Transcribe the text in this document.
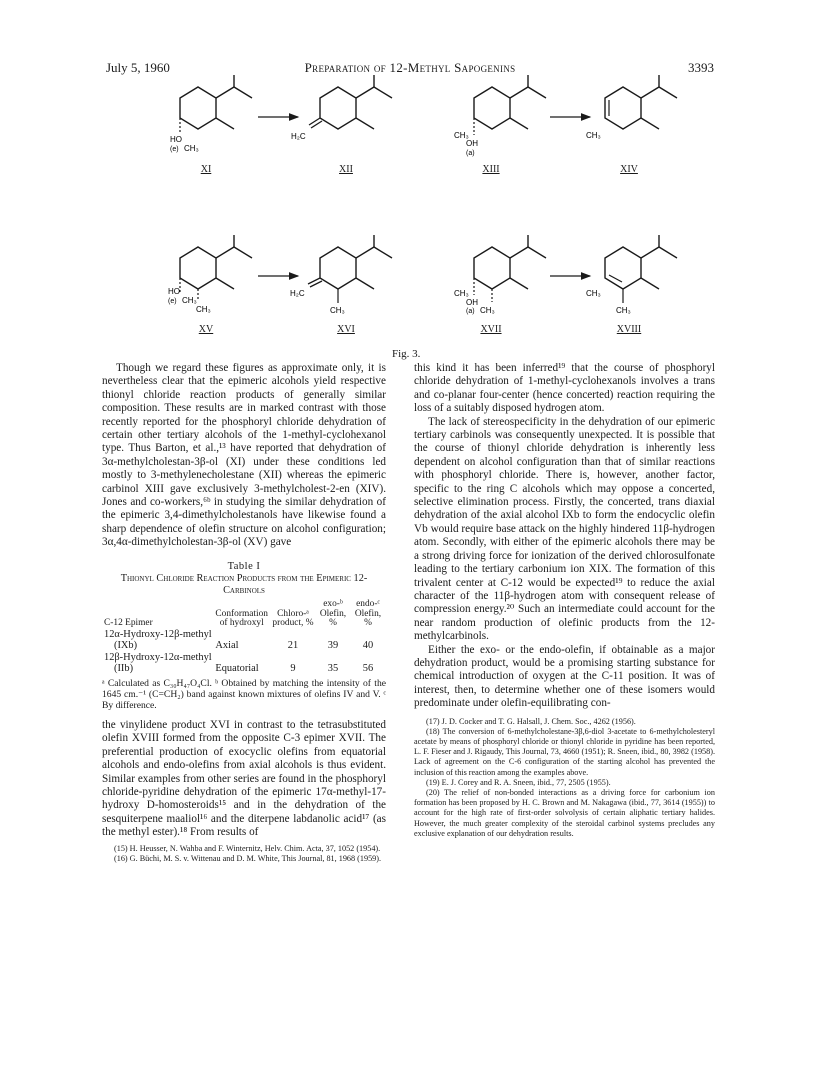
July 5, 1960	Preparation of 12-Methyl Sapogenins	3393
HO
(e) CH₃
H₂C	CH₃
OH
(a)
CH₃
HO
(e) CH₃
CH₃
H₂C
CH₃
CH₃
OH
(a) CH₃
CH₃
CH₃
XI	XII	XIII	XIV
XV	XVI	XVII	XVIII
Fig. 3.

Though we regard these figures as approximate only, it is nevertheless clear that the epimeric alcohols yield respective thionyl chloride reaction products of generally similar composition. These results are in marked contrast with those recently reported for the phosphoryl chloride dehydration of certain other tertiary alcohols of the 1-methyl-cyclohexanol type. Thus Barton, et al.,¹³ have reported that dehydration of 3α-methylcholestan-3β-ol (XI) under these conditions led mostly to 3-methylenecholestane (XII) whereas the epimeric carbinol XIII gave exclusively 3-methylcholest-2-en (XIV). Jones and co-workers,⁶ᵇ in studying the similar dehydration of the epimeric 3,4-dimethylcholestanols have likewise found a sharp dependence of olefin structure on alcohol configuration; 3α,4α-dimethylcholestan-3β-ol (XV) gave

Table I
Thionyl Chloride Reaction Products from the Epimeric 12-Carbinols
C-12 Epimer	Conformation of hydroxyl	Chloro-ᵃ product, %	exo-ᵇ Olefin, %	endo-ᶜ Olefin, %
12α-Hydroxy-12β-methyl				
(IXb)	Axial	21	39	40
12β-Hydroxy-12α-methyl				
(IIb)	Equatorial	9	35	56
ᵃ Calculated as C₃₀H₄₇O₄Cl. ᵇ Obtained by matching the intensity of the 1645 cm.⁻¹ (C=CH₂) band against known mixtures of olefins IV and V. ᶜ By difference.

the vinylidene product XVI in contrast to the tetrasubstituted olefin XVIII formed from the opposite C-3 epimer XVII. The preferential production of exocyclic olefins from equatorial alcohols and endo-olefins from axial alcohols is thus evident. Similar examples from other series are found in the phosphoryl chloride-pyridine dehydration of the epimeric 17α-methyl-17-hydroxy D-homosteroids¹⁵ and in the dehydration of the sesquiterpene maaliol¹⁶ and the diterpene labdanolic acid¹⁷ (as the methyl ester).¹⁸ From results of

(15) H. Heusser, N. Wahba and F. Winternitz, Helv. Chim. Acta, 37, 1052 (1954).
(16) G. Büchi, M. S. v. Wittenau and D. M. White, This Journal, 81, 1968 (1959).

this kind it has been inferred¹⁹ that the course of phosphoryl chloride dehydration of 1-methyl-cyclohexanols involves a trans and co-planar four-center (hence concerted) reaction requiring the loss of a suitably disposed hydrogen atom.

The lack of stereospecificity in the dehydration of our epimeric tertiary carbinols was consequently unexpected. It is possible that the course of thionyl chloride dehydration is inherently less dependent on alcohol configuration than that of similar reactions with phosphoryl chloride. There is, however, another factor, specific to the ring C alcohols which may oppose a concerted, selective elimination process. Firstly, the concerted, trans diaxial dehydration of the axial alcohol IXb to form the endocyclic olefin Vb would require base attack on the highly hindered 11β-hydrogen atom. Secondly, with either of the epimeric alcohols there may be a strong driving force for ionization of the derived chlorosulfonate leading to the tertiary carbonium ion XIX. The formation of this trivalent center at C-12 would be expected¹⁹ to reduce the axial character of the 11β-hydrogen atom with consequent release of compression energy.²⁰ Such an intermediate could account for the near random production of olefinic products from the 12-methylcarbinols.

Either the exo- or the endo-olefin, if obtainable as a major dehydration product, would be a promising starting substance for chemical introduction of oxygen at the C-11 position. It was of interest, then, to determine whether one of these isomers would predominate under olefin-equilibrating con-

(17) J. D. Cocker and T. G. Halsall, J. Chem. Soc., 4262 (1956).
(18) The conversion of 6-methylcholestane-3β,6-diol 3-acetate to 6-methylcholesteryl acetate by means of phosphoryl chloride or thionyl chloride in pyridine has been reported, L. F. Fieser and J. Rigaudy, This Journal, 73, 4660 (1951); R. Sneen, ibid., 80, 3982 (1958). Lack of agreement on the C-6 configuration of the starting alcohol has prevented the inclusion of this reaction among the examples above.
(19) E. J. Corey and R. A. Sneen, ibid., 77, 2505 (1955).
(20) The relief of non-bonded interactions as a driving force for carbonium ion formation has been proposed by H. C. Brown and M. Nakagawa (ibid., 77, 3614 (1955)) to account for the high rate of first-order solvolysis of certain aliphatic tertiary halides. However, the much greater complexity of the steroidal carbinol systems precludes any exclusive explanation of our dehydration results.
